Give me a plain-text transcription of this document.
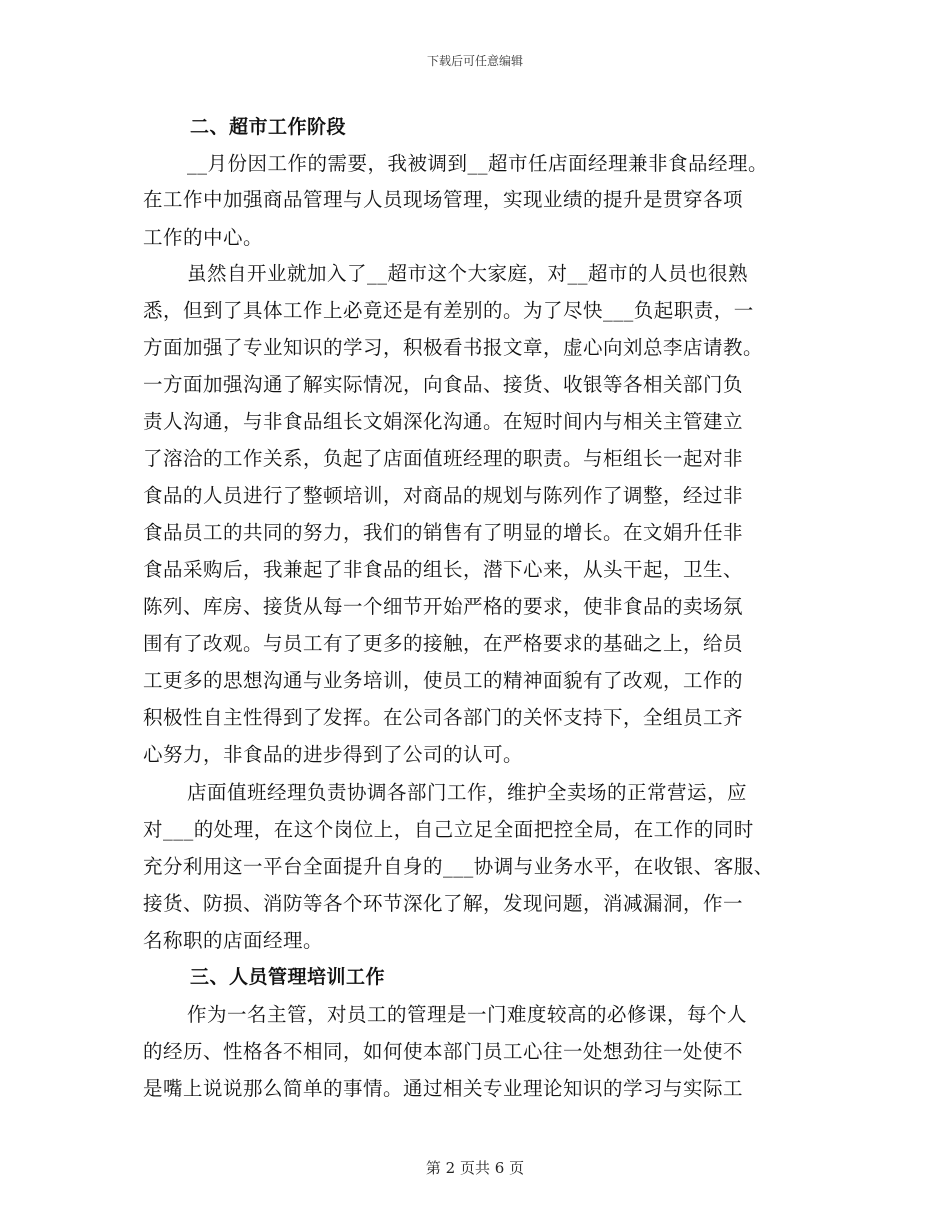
下载后可任意编辑
二、超市工作阶段
__月份因工作的需要，我被调到__超市任店面经理兼非食品经理。
在工作中加强商品管理与人员现场管理，实现业绩的提升是贯穿各项
工作的中心。
虽然自开业就加入了__超市这个大家庭，对__超市的人员也很熟
悉，但到了具体工作上必竟还是有差别的。为了尽快___负起职责，一
方面加强了专业知识的学习，积极看书报文章，虚心向刘总李店请教。
一方面加强沟通了解实际情况，向食品、接货、收银等各相关部门负
责人沟通，与非食品组长文娟深化沟通。在短时间内与相关主管建立
了溶洽的工作关系，负起了店面值班经理的职责。与柜组长一起对非
食品的人员进行了整顿培训，对商品的规划与陈列作了调整，经过非
食品员工的共同的努力，我们的销售有了明显的增长。在文娟升任非
食品采购后，我兼起了非食品的组长，潜下心来，从头干起，卫生、
陈列、库房、接货从每一个细节开始严格的要求，使非食品的卖场氛
围有了改观。与员工有了更多的接触，在严格要求的基础之上，给员
工更多的思想沟通与业务培训，使员工的精神面貌有了改观，工作的
积极性自主性得到了发挥。在公司各部门的关怀支持下，全组员工齐
心努力，非食品的进步得到了公司的认可。
店面值班经理负责协调各部门工作，维护全卖场的正常营运，应
对___的处理，在这个岗位上，自己立足全面把控全局，在工作的同时
充分利用这一平台全面提升自身的___协调与业务水平，在收银、客服、
接货、防损、消防等各个环节深化了解，发现问题，消减漏洞，作一
名称职的店面经理。
三、人员管理培训工作
作为一名主管，对员工的管理是一门难度较高的必修课，每个人
的经历、性格各不相同，如何使本部门员工心往一处想劲往一处使不
是嘴上说说那么简单的事情。通过相关专业理论知识的学习与实际工
第 2 页共 6 页
